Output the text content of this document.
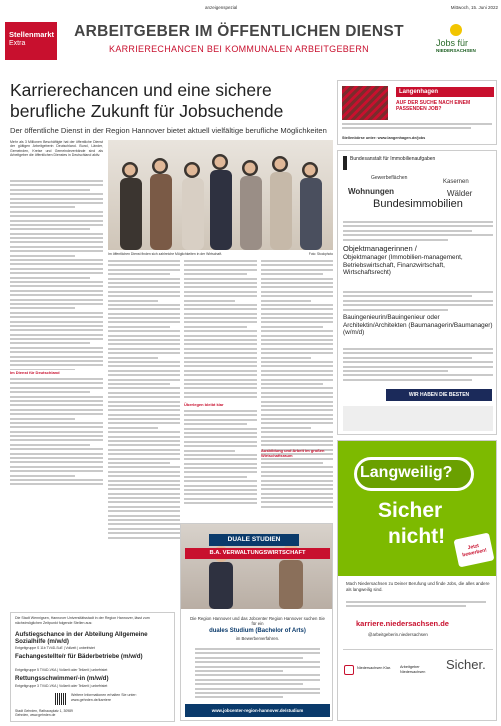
anzeigenspezial	Mittwoch, 15. Juni 2022
Stellenmarkt
Extra
ARBEITGEBER IM ÖFFENTLICHEN DIENST
KARRIERECHANCEN BEI KOMMUNALEN ARBEITGEBERN
Jobs für
NIEDERSACHSEN
Karrierechancen und eine sichere
berufliche Zukunft für Jobsuchende
Der öffentliche Dienst in der Region Hannover bietet aktuell vielfältige berufliche Möglichkeiten
Im öffentlichen Dienst finden sich zahlreiche Möglichkeiten in der Wirtschaft.	Foto: Stockphoto
Mehr als 3 Millionen Beschäftigte hat der öffentliche Dienst der gültigen Arbeitgeberin Deutschland. Bund, Länder, Gemeinden, Kreise und Gemeindeverbände sind als Arbeitgeber die öffentlichen Dienstes in Deutschland aktiv.
Im Dienst für Deutschland
Überlegen bleibt klar
Ausbildung und Arbeit im großen Wirtschaftsraum
Langenhagen
AUF DER SUCHE NACH EINEM PASSENDEN JOB?
Stellenbörse unter: www.langenhagen.de/jobs
Bundesanstalt für Immobilienaufgaben
Gewerbeflächen
Wohnungen
Kasernen
Wälder
Bundesimmobilien
Objektmanagerinnen /
Objektmanager (Immobilien-management, Betriebswirtschaft, Finanzwirtschaft, Wirtschaftsrecht)
Bauingenieurin/Bauingenieur oder Architektin/Architekten (Baumanagerin/Baumanager) (w/m/d)
WIR HABEN DIE BESTEN
Langweilig?
Sicher
nicht!	Jetzt bewerben!
Mach Niedersachsen zu Deiner Berufung und finde Jobs, die alles andere als langweilig sind.
karriere.niedersachsen.de
@arbeitgeberin.niedersachsen
Niedersachsen Klar.	Arbeitgeber Niedersachsen	Sicher.
Die Stadt Wennigsen, Hannover Universitätsstadt in der Region Hannover, lässt zum nächstmöglichen Zeitpunkt folgende Stellen aus:
Aufstiegschance in der Abteilung Allgemeine Sozialhilfe (m/w/d)
Entgeltgruppe S 11b TVöD-SuE | Vollzeit | unbefristet
Fachangestellte/r für Bäderbetriebe (m/w/d)
Entgeltgruppe 5 TVöD-VKA | Vollzeit oder Teilzeit | unbefristet
Rettungsschwimmer/-in (m/w/d)
Entgeltgruppe 3 TVöD-VKA | Vollzeit oder Teilzeit | unbefristet
Weitere Informationen erhalten Sie unter: www.gehrden.de/karriere
Stadt Gehrden, Rathausplatz 1, 30989 Gehrden, www.gehrden.de
DUALE STUDIEN
B.A. VERWALTUNGSWIRTSCHAFT
Die Region Hannover und das Jobcenter Region Hannover suchen Sie für ein
duales Studium (Bachelor of Arts)
im Bewerberverfahren.
www.jobcenter-region-hannover.de/studium
